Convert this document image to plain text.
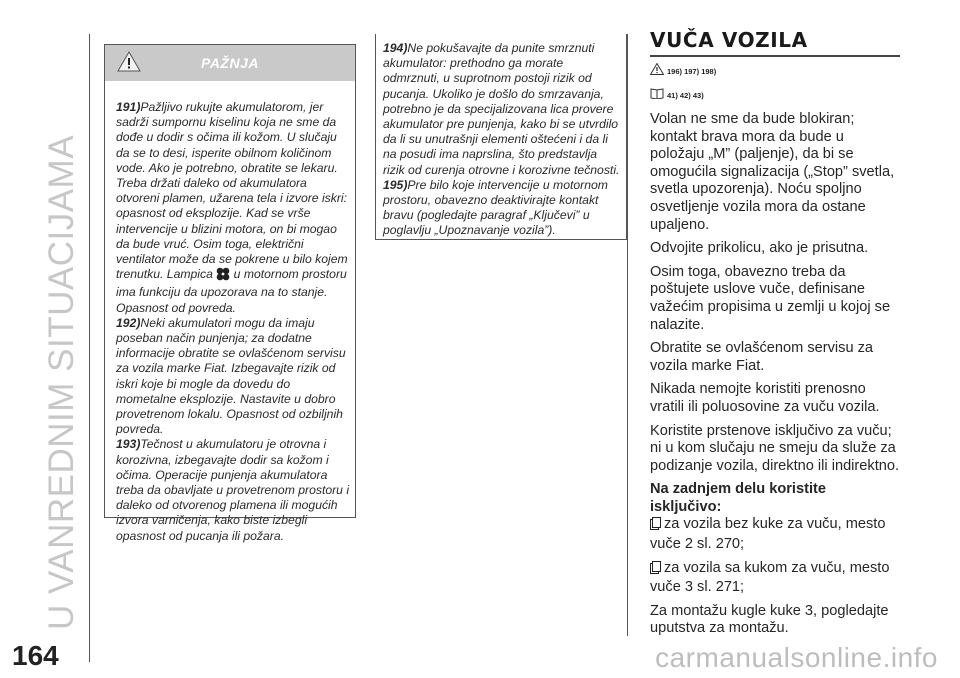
U VANREDNIM SITUACIJAMA
PAŽNJA
191)Pažljivo rukujte akumulatorom, jer sadrži sumpornu kiselinu koja ne sme da dođe u dodir s očima ili kožom. U slučaju da se to desi, isperite obilnom količinom vode. Ako je potrebno, obratite se lekaru. Treba držati daleko od akumulatora otvoreni plamen, užarena tela i izvore iskri: opasnost od eksplozije. Kad se vrše intervencije u blizini motora, on bi mogao da bude vruć. Osim toga, električni ventilator može da se pokrene u bilo kojem trenutku. Lampica u motornom prostoru ima funkciju da upozorava na to stanje. Opasnost od povreda.
192)Neki akumulatori mogu da imaju poseban način punjenja; za dodatne informacije obratite se ovlašćenom servisu za vozila marke Fiat. Izbegavajte rizik od iskri koje bi mogle da dovedu do mometalne eksplozije. Nastavite u dobro provetrenom lokalu. Opasnost od ozbiljnih povreda.
193)Tečnost u akumulatoru je otrovna i korozivna, izbegavajte dodir sa kožom i očima. Operacije punjenja akumulatora treba da obavljate u provetrenom prostoru i daleko od otvorenog plamena ili mogućih izvora varničenja, kako biste izbegli opasnost od pucanja ili požara.
194)Ne pokušavajte da punite smrznuti akumulator: prethodno ga morate odmrznuti, u suprotnom postoji rizik od pucanja. Ukoliko je došlo do smrzavanja, potrebno je da specijalizovana lica provere akumulator pre punjenja, kako bi se utvrdilo da li su unutrašnji elementi oštećeni i da li na posudi ima naprslina, što predstavlja rizik od curenja otrovne i korozivne tečnosti.
195)Pre bilo koje intervencije u motornom prostoru, obavezno deaktivirajte kontakt bravu (pogledajte paragraf „Ključevi” u poglavlju „Upoznavanje vozila”).
VUČA VOZILA
196) 197) 198)
41) 42) 43)

Volan ne sme da bude blokiran; kontakt brava mora da bude u položaju „M” (paljenje), da bi se omogućila signalizacija („Stop” svetla, svetla upozorenja). Noću spoljno osvetljenje vozila mora da ostane upaljeno.

Odvojite prikolicu, ako je prisutna.

Osim toga, obavezno treba da poštujete uslove vuče, definisane važećim propisima u zemlji u kojoj se nalazite.

Obratite se ovlašćenom servisu za vozila marke Fiat.

Nikada nemojte koristiti prenosno vratili ili poluosovine za vuču vozila.

Koristite prstenove isključivo za vuču; ni u kom slučaju ne smeju da služe za podizanje vozila, direktno ili indirektno.

Na zadnjem delu koristite isključivo:

za vozila bez kuke za vuču, mesto vuče 2 sl. 270;

za vozila sa kukom za vuču, mesto vuče 3 sl. 271;

Za montažu kugle kuke 3, pogledajte uputstva za montažu.

164	carmanualsonline.info
